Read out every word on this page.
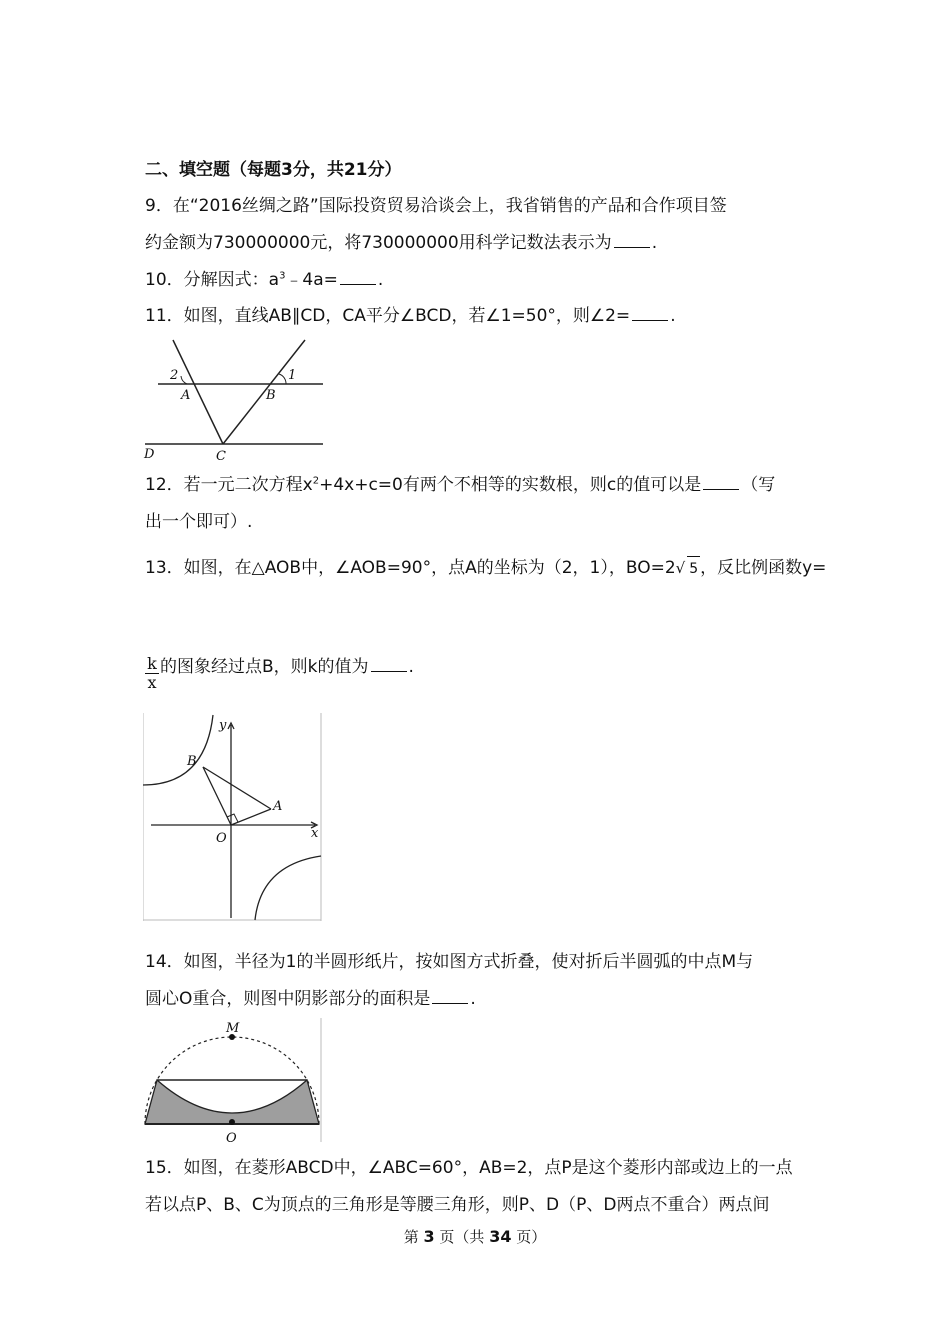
二、填空题（每题3分，共21分）
9．在“2016丝绸之路”国际投资贸易洽谈会上，我省销售的产品和合作项目签
约金额为730000000元，将730000000用科学记数法表示为 .
10．分解因式：$a^3﹣4a=$ .
11．如图，直线AB∥CD，CA平分∠BCD，若∠1=50°，则∠2= .
2
A
1
B
D	C
12．若一元二次方程$x^2+4x+c=0$有两个不相等的实数根，则c的值可以是 （写
出一个即可）.
13．如图，在△AOB中，∠AOB=90°，点A的坐标为（2，1），BO=2√ 5 ，反比例函数y=
$\frac{k}{x}$ 的图象经过点B，则k的值为 .
y
B
A
O	x
14．如图，半径为1的半圆形纸片，按如图方式折叠，使对折后半圆弧的中点M与
圆心O重合，则图中阴影部分的面积是 .
M
O
15．如图，在菱形ABCD中，∠ABC=60°，AB=2，点P是这个菱形内部或边上的一点
若以点P、B、C为顶点的三角形是等腰三角形，则P、D（P、D两点不重合）两点间
第 3 页（共 34 页）
